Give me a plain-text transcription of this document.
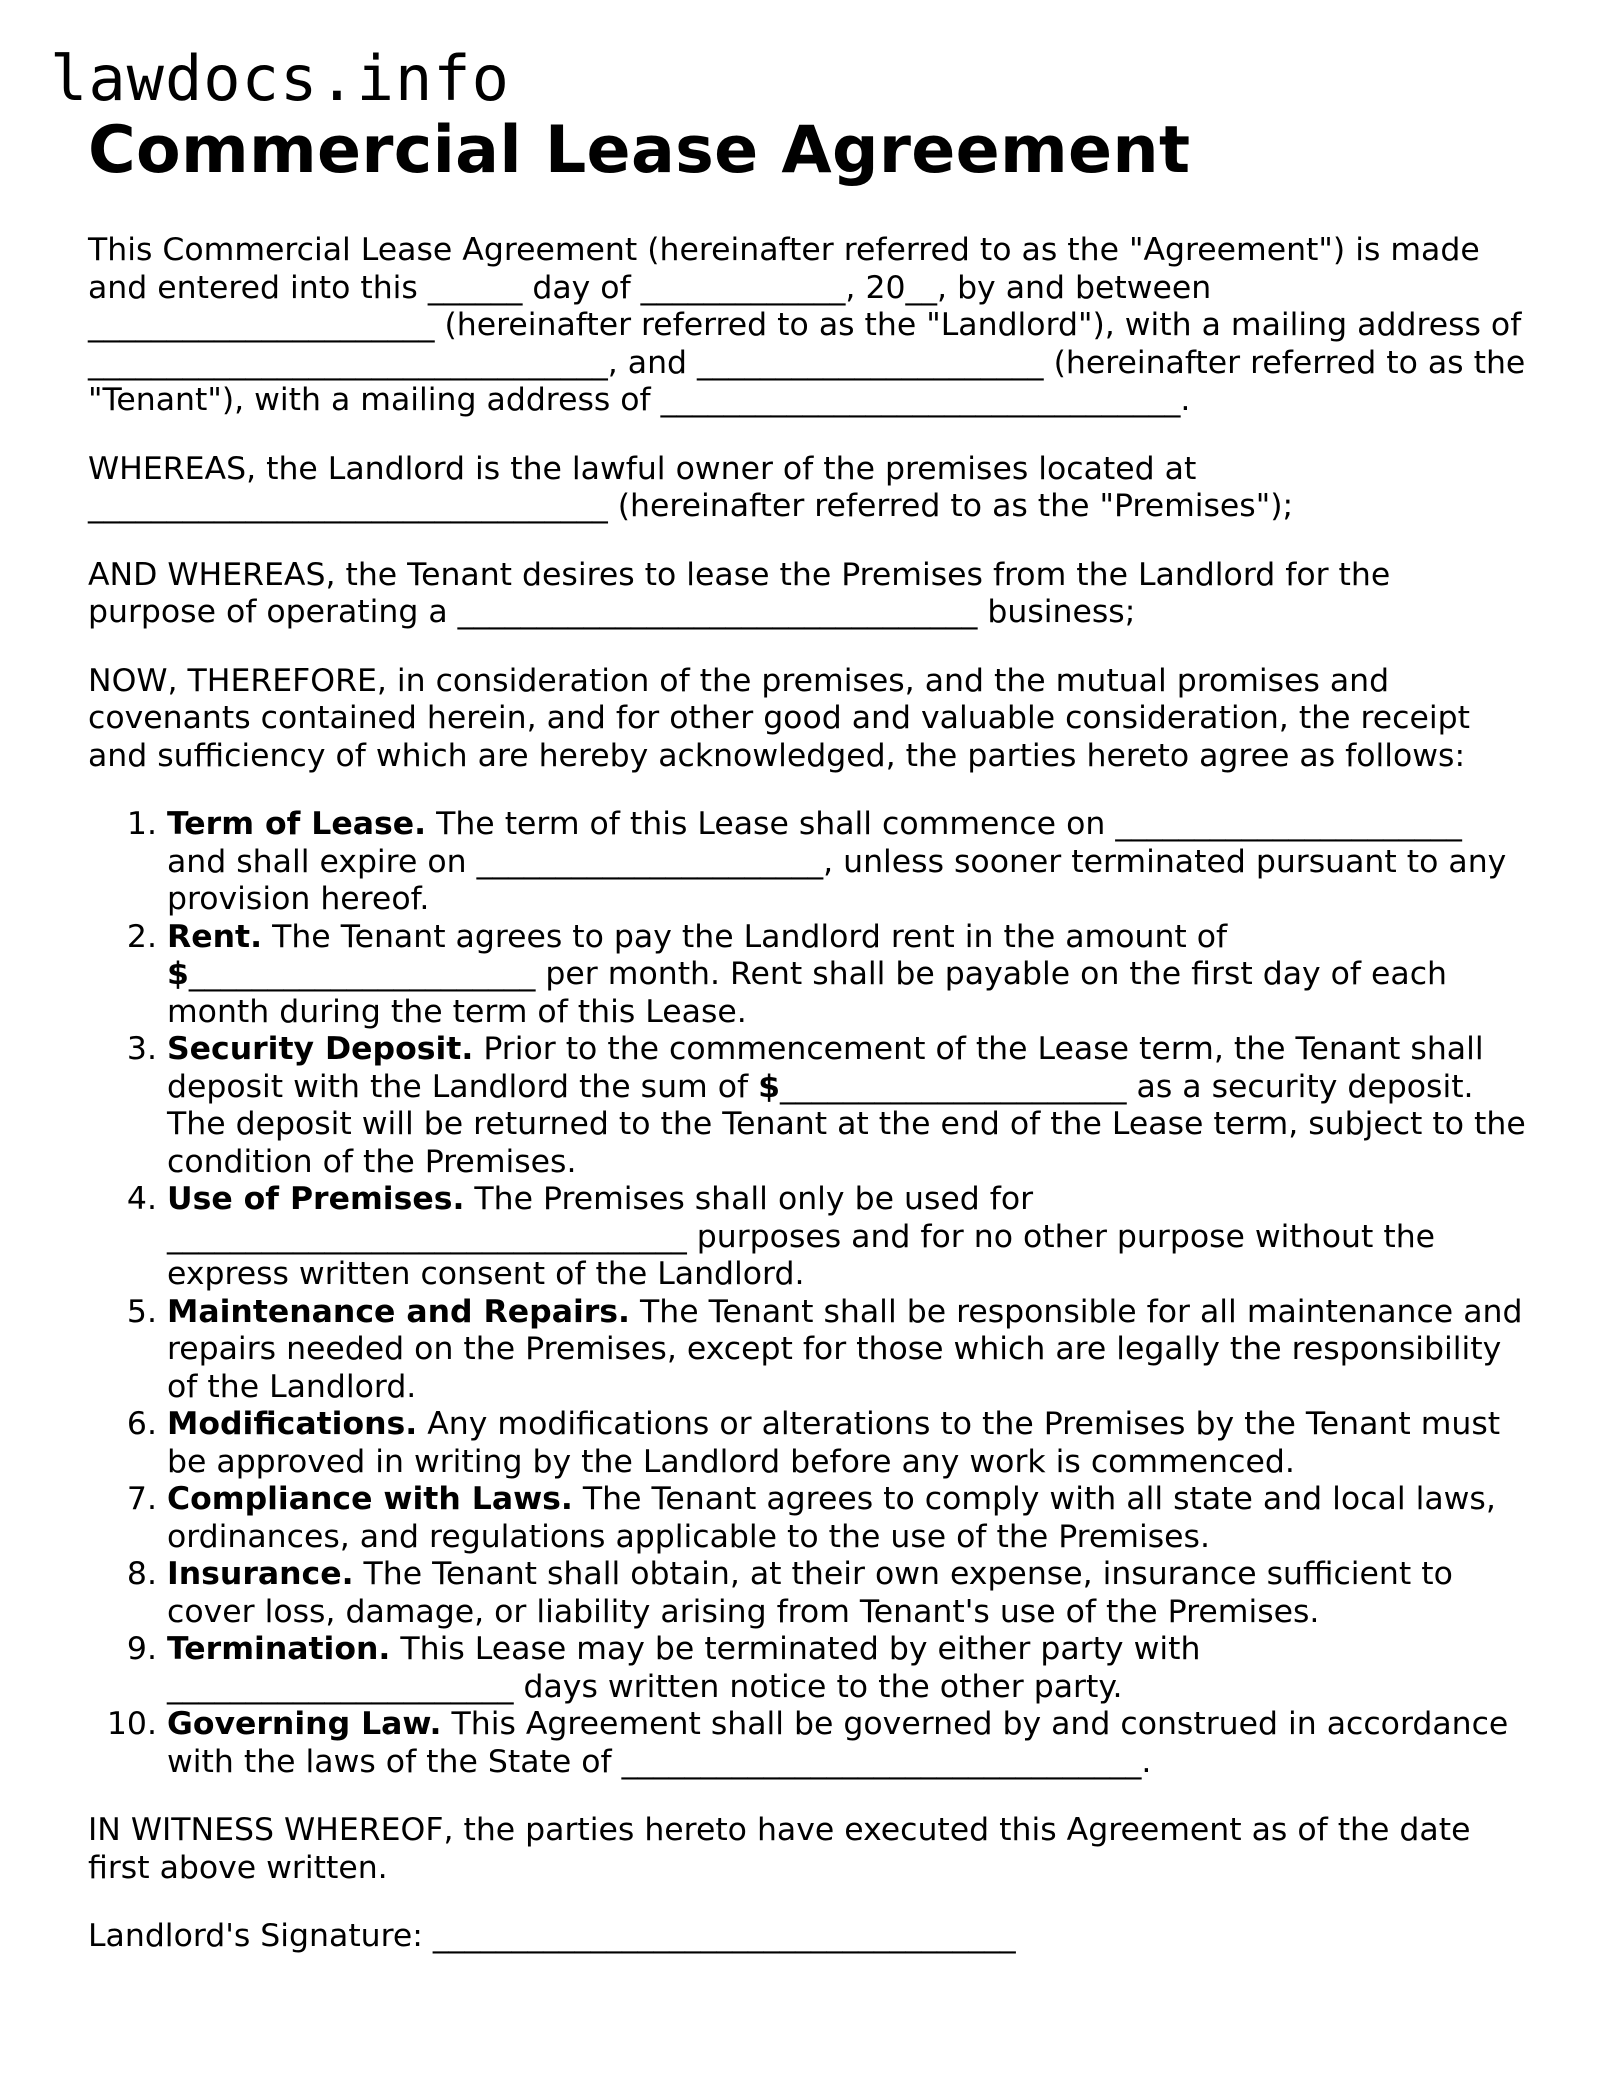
lawdocs.info
Commercial Lease Agreement

This Commercial Lease Agreement (hereinafter referred to as the "Agreement") is made and entered into this ______ day of _____________, 20__, by and between ______________________ (hereinafter referred to as the "Landlord"), with a mailing address of _________________________________, and ______________________ (hereinafter referred to as the "Tenant"), with a mailing address of _________________________________.

WHEREAS, the Landlord is the lawful owner of the premises located at _________________________________ (hereinafter referred to as the "Premises");

AND WHEREAS, the Tenant desires to lease the Premises from the Landlord for the purpose of operating a _________________________________ business;

NOW, THEREFORE, in consideration of the premises, and the mutual promises and covenants contained herein, and for other good and valuable consideration, the receipt and sufficiency of which are hereby acknowledged, the parties hereto agree as follows:

1. Term of Lease. The term of this Lease shall commence on ______________________ and shall expire on ______________________, unless sooner terminated pursuant to any provision hereof.
2. Rent. The Tenant agrees to pay the Landlord rent in the amount of $______________________ per month. Rent shall be payable on the first day of each month during the term of this Lease.
3. Security Deposit. Prior to the commencement of the Lease term, the Tenant shall deposit with the Landlord the sum of $______________________ as a security deposit. The deposit will be returned to the Tenant at the end of the Lease term, subject to the condition of the Premises.
4. Use of Premises. The Premises shall only be used for _________________________________ purposes and for no other purpose without the express written consent of the Landlord.
5. Maintenance and Repairs. The Tenant shall be responsible for all maintenance and repairs needed on the Premises, except for those which are legally the responsibility of the Landlord.
6. Modifications. Any modifications or alterations to the Premises by the Tenant must be approved in writing by the Landlord before any work is commenced.
7. Compliance with Laws. The Tenant agrees to comply with all state and local laws, ordinances, and regulations applicable to the use of the Premises.
8. Insurance. The Tenant shall obtain, at their own expense, insurance sufficient to cover loss, damage, or liability arising from Tenant's use of the Premises.
9. Termination. This Lease may be terminated by either party with ______________________ days written notice to the other party.
10. Governing Law. This Agreement shall be governed by and construed in accordance with the laws of the State of _________________________________.

IN WITNESS WHEREOF, the parties hereto have executed this Agreement as of the date first above written.

Landlord's Signature: _____________________________________
